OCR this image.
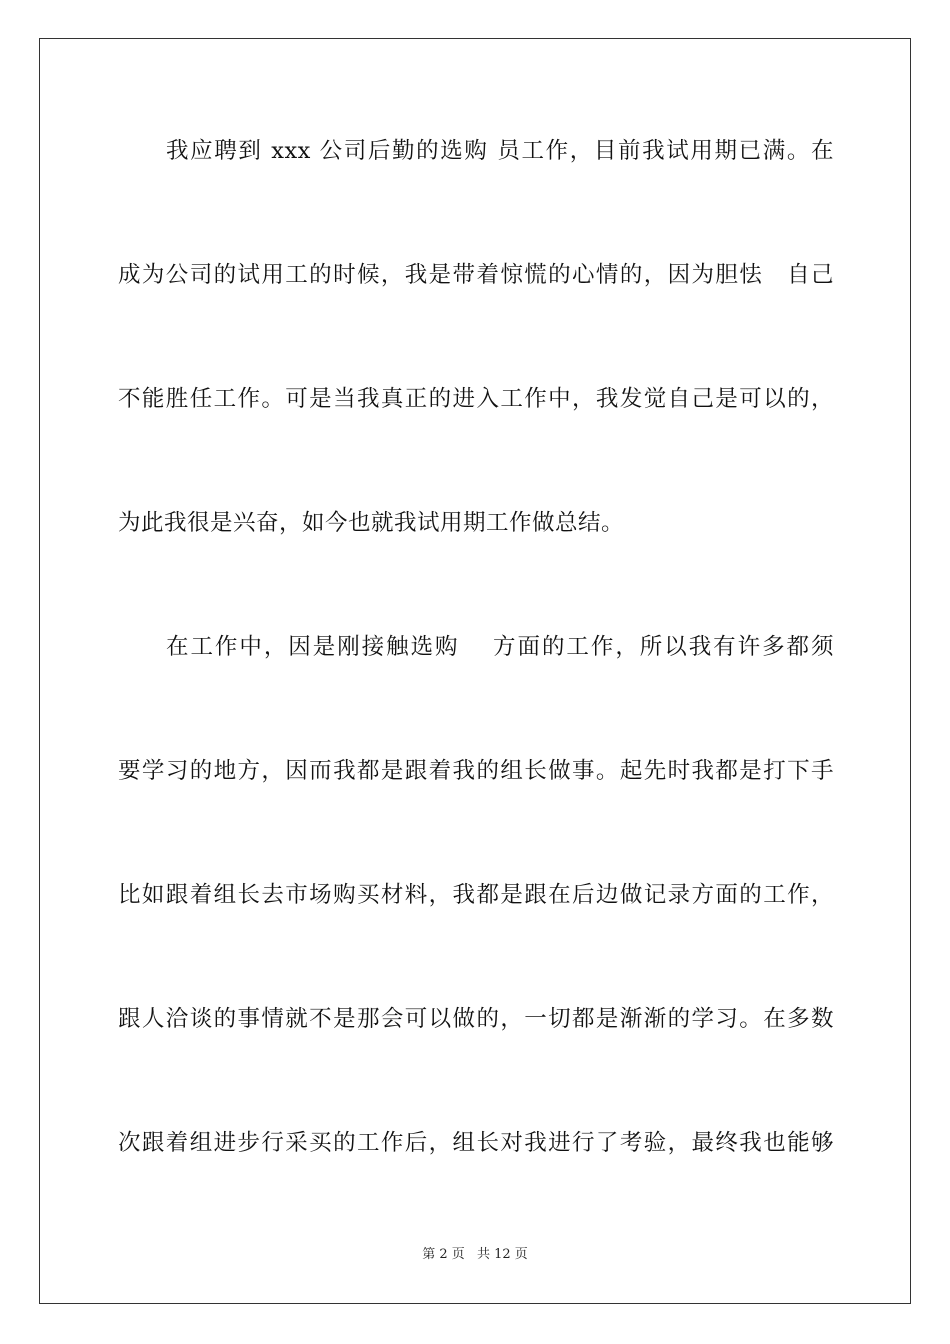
我应聘到 xxx 公司后勤的选购 员工作，目前我试用期已满。在
成为公司的试用工的时候，我是带着惊慌的心情的，因为胆怯　自己
不能胜任工作。可是当我真正的进入工作中，我发觉自己是可以的，
为此我很是兴奋，如今也就我试用期工作做总结。
在工作中，因是刚接触选购　 方面的工作，所以我有许多都须
要学习的地方，因而我都是跟着我的组长做事。起先时我都是打下手
比如跟着组长去市场购买材料，我都是跟在后边做记录方面的工作，
跟人洽谈的事情就不是那会可以做的，一切都是渐渐的学习。在多数
次跟着组进步行采买的工作后，组长对我进行了考验，最终我也能够
第 2 页 共 12 页
